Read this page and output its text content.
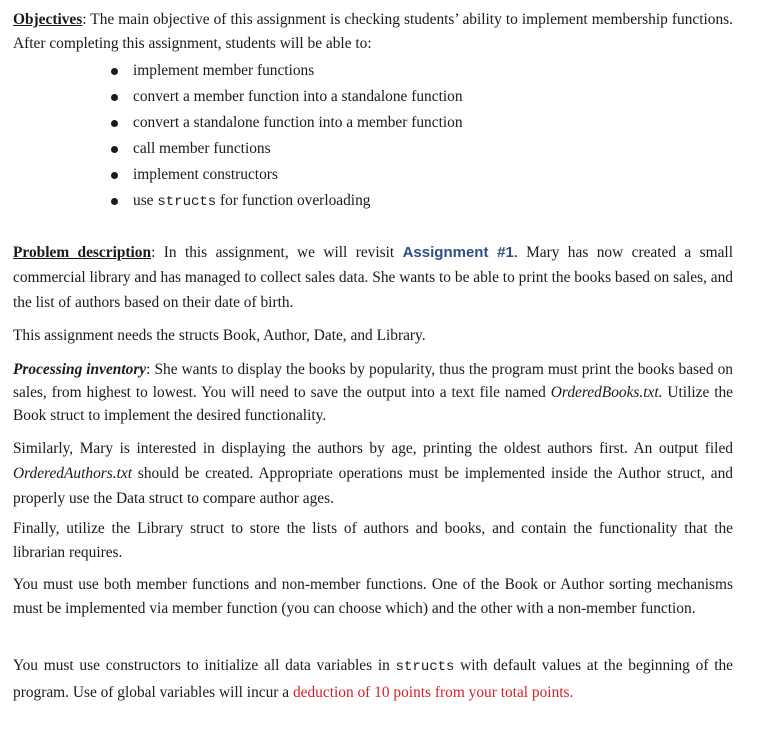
Objectives: The main objective of this assignment is checking students’ ability to implement membership functions. After completing this assignment, students will be able to:

implement member functions
convert a member function into a standalone function
convert a standalone function into a member function
call member functions
implement constructors
use structs for function overloading

Problem description: In this assignment, we will revisit Assignment #1. Mary has now created a small commercial library and has managed to collect sales data. She wants to be able to print the books based on sales, and the list of authors based on their date of birth.

This assignment needs the structs Book, Author, Date, and Library.

Processing inventory: She wants to display the books by popularity, thus the program must print the books based on sales, from highest to lowest. You will need to save the output into a text file named OrderedBooks.txt. Utilize the Book struct to implement the desired functionality.

Similarly, Mary is interested in displaying the authors by age, printing the oldest authors first. An output filed OrderedAuthors.txt should be created. Appropriate operations must be implemented inside the Author struct, and properly use the Data struct to compare author ages.

Finally, utilize the Library struct to store the lists of authors and books, and contain the functionality that the librarian requires.

You must use both member functions and non-member functions. One of the Book or Author sorting mechanisms must be implemented via member function (you can choose which) and the other with a non-member function.

You must use constructors to initialize all data variables in structs with default values at the beginning of the program. Use of global variables will incur a deduction of 10 points from your total points.
